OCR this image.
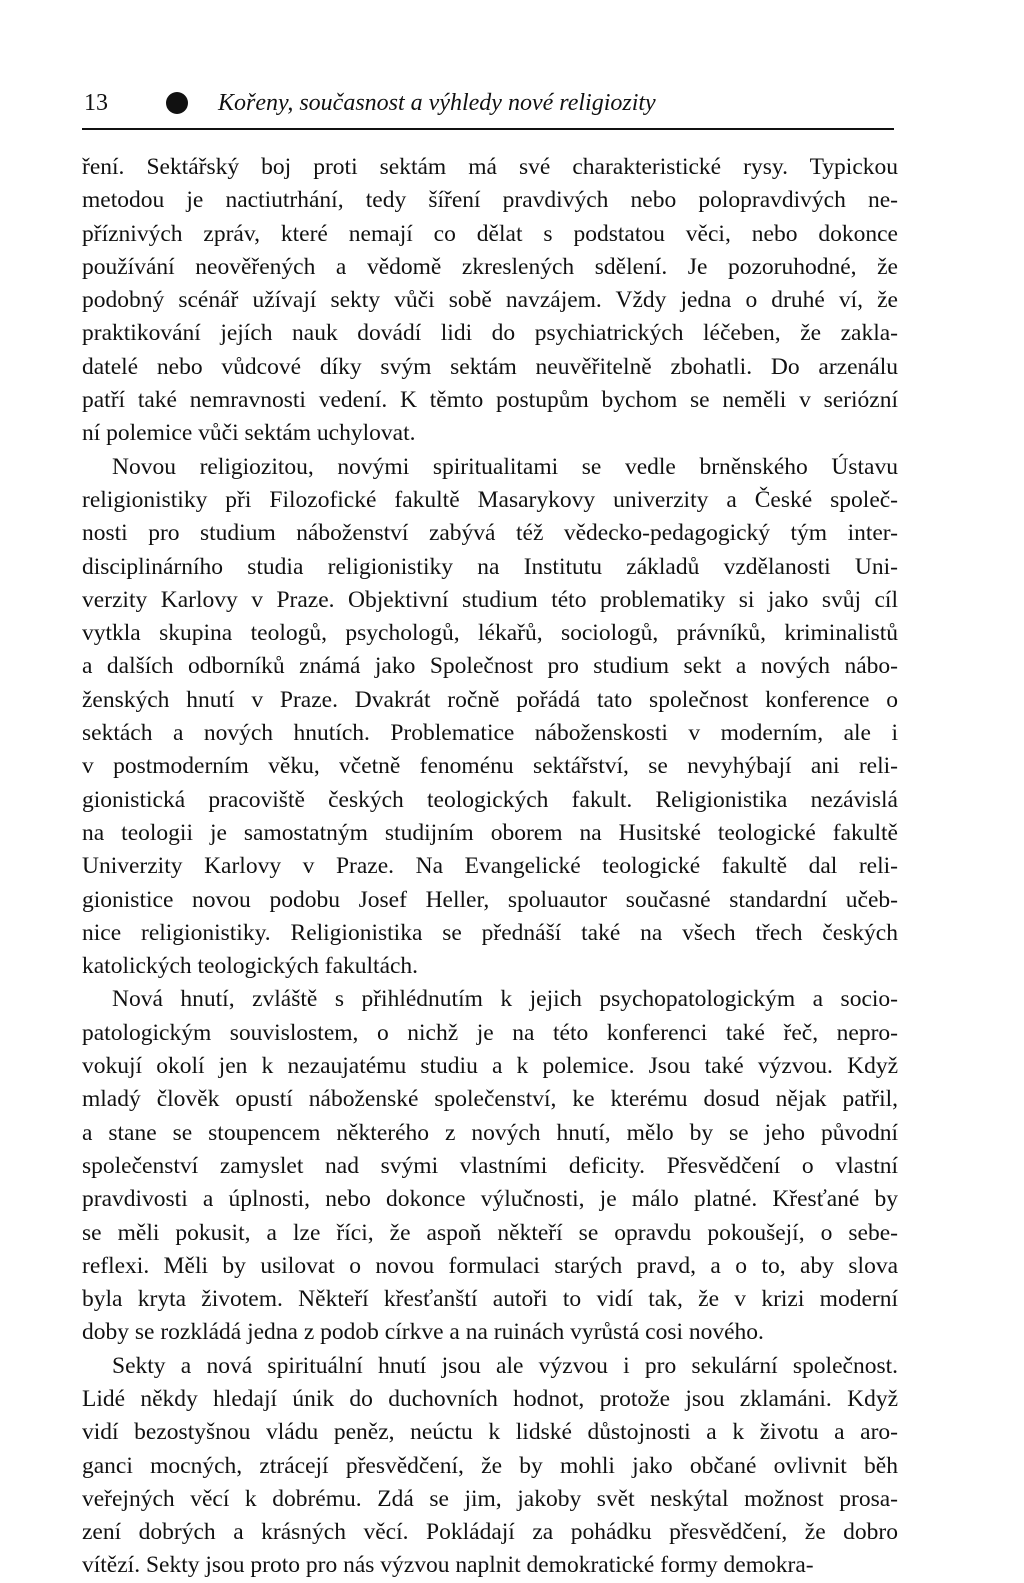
13	Kořeny, současnost a výhledy nové religiozity
ření. Sektářský boj proti sektám má své charakteristické rysy. Typickou
metodou je nactiutrhání, tedy šíření pravdivých nebo polopravdivých ne-
příznivých zpráv, které nemají co dělat s podstatou věci, nebo dokonce
používání neověřených a vědomě zkreslených sdělení. Je pozoruhodné, že
podobný scénář užívají sekty vůči sobě navzájem. Vždy jedna o druhé ví, že
praktikování jejích nauk dovádí lidi do psychiatrických léčeben, že zakla-
datelé nebo vůdcové díky svým sektám neuvěřitelně zbohatli. Do arzenálu
patří také nemravnosti vedení. K těmto postupům bychom se neměli v seriózní
ní polemice vůči sektám uchylovat.
Novou religiozitou, novými spiritualitami se vedle brněnského Ústavu
religionistiky při Filozofické fakultě Masarykovy univerzity a České společ-
nosti pro studium náboženství zabývá též vědecko-pedagogický tým inter-
disciplinárního studia religionistiky na Institutu základů vzdělanosti Uni-
verzity Karlovy v Praze. Objektivní studium této problematiky si jako svůj cíl
vytkla skupina teologů, psychologů, lékařů, sociologů, právníků, kriminalistů
a dalších odborníků známá jako Společnost pro studium sekt a nových nábo-
ženských hnutí v Praze. Dvakrát ročně pořádá tato společnost konference o
sektách a nových hnutích. Problematice náboženskosti v moderním, ale i
v postmoderním věku, včetně fenoménu sektářství, se nevyhýbají ani reli-
gionistická pracoviště českých teologických fakult. Religionistika nezávislá
na teologii je samostatným studijním oborem na Husitské teologické fakultě
Univerzity Karlovy v Praze. Na Evangelické teologické fakultě dal reli-
gionistice novou podobu Josef Heller, spoluautor současné standardní učeb-
nice religionistiky. Religionistika se přednáší také na všech třech českých
katolických teologických fakultách.
Nová hnutí, zvláště s přihlédnutím k jejich psychopatologickým a socio-
patologickým souvislostem, o nichž je na této konferenci také řeč, nepro-
vokují okolí jen k nezaujatému studiu a k polemice. Jsou také výzvou. Když
mladý člověk opustí náboženské společenství, ke kterému dosud nějak patřil,
a stane se stoupencem některého z nových hnutí, mělo by se jeho původní
společenství zamyslet nad svými vlastními deficity. Přesvědčení o vlastní
pravdivosti a úplnosti, nebo dokonce výlučnosti, je málo platné. Křesťané by
se měli pokusit, a lze říci, že aspoň někteří se opravdu pokoušejí, o sebe-
reflexi. Měli by usilovat o novou formulaci starých pravd, a o to, aby slova
byla kryta životem. Někteří křesťanští autoři to vidí tak, že v krizi moderní
doby se rozkládá jedna z podob církve a na ruinách vyrůstá cosi nového.
Sekty a nová spirituální hnutí jsou ale výzvou i pro sekulární společnost.
Lidé někdy hledají únik do duchovních hodnot, protože jsou zklamáni. Když
vidí bezostyšnou vládu peněz, neúctu k lidské důstojnosti a k životu a aro-
ganci mocných, ztrácejí přesvědčení, že by mohli jako občané ovlivnit běh
veřejných věcí k dobrému. Zdá se jim, jakoby svět neskýtal možnost prosa-
zení dobrých a krásných věcí. Pokládají za pohádku přesvědčení, že dobro
vítězí. Sekty jsou proto pro nás výzvou naplnit demokratické formy demokra-
